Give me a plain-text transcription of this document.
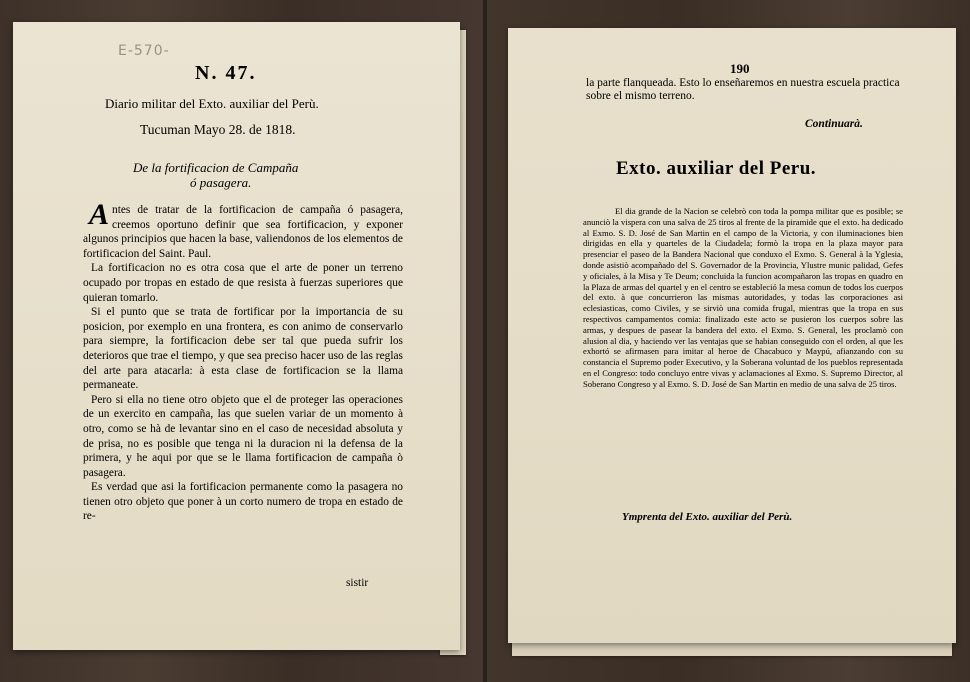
E-570-
N. 47.
Diario militar del Exto. auxiliar del Perù.
Tucuman Mayo 28. de 1818.
De la fortificacion de Campaña
ó pasagera.

Antes de tratar de la fortificacion de campaña ó pasagera, creemos oportuno definir que sea fortificacion, y exponer algunos principios que hacen la base, valiendonos de los elementos de fortificacion del Saint. Paul.

La fortificacion no es otra cosa que el arte de poner un terreno ocupado por tropas en estado de que resista à fuerzas superiores que quieran tomarlo.

Si el punto que se trata de fortificar por la importancia de su posicion, por exemplo en una frontera, es con animo de conservarlo para siempre, la fortificacion debe ser tal que pueda sufrir los deterioros que trae el tiempo, y que sea preciso hacer uso de las reglas del arte para atacarla: à esta clase de fortificacion se la llama permaneate.

Pero si ella no tiene otro objeto que el de proteger las operaciones de un exercito en campaña, las que suelen variar de un momento à otro, como se hà de levantar sino en el caso de necesidad absoluta y de prisa, no es posible que tenga ni la duracion ni la defensa de la primera, y he aqui por que se le llama fortificacion de campaña ò pasagera.

Es verdad que asi la fortificacion permanente como la pasagera no tienen otro objeto que poner à un corto numero de tropa en estado de re-

sistir
190
la parte flanqueada. Esto lo enseñaremos en nuestra escuela practica sobre el mismo terreno.
Continuarà.
Exto. auxiliar del Peru.

El dia grande de la Nacion se celebrò con toda la pompa militar que es posible; se anunciò la vispera con una salva de 25 tiros al frente de la piramide que el exto. ha dedicado al Exmo. S. D. José de San Martin en el campo de la Victoria, y con iluminaciones bien dirigidas en ella y quarteles de la Ciudadela; formò la tropa en la plaza mayor para presenciar el paseo de la Bandera Nacional que conduxo el Exmo. S. General à la Yglesia, donde asistiò acompañado del S. Governador de la Provincia, Ylustre munic palidad, Gefes y oficiales, à la Misa y Te Deum; concluida la funcion acompañaron las tropas en quadro en la Plaza de armas del quartel y en el centro se estableció la mesa comun de todos los cuerpos del exto. à que concurrieron las mismas autoridades, y todas las corporaciones asi eclesiasticas, como Civiles, y se sirviò una comida frugal, mientras que la tropa en sus respectivos campamentos comia: finalizado este acto se pusieron los cuerpos sobre las armas, y despues de pasear la bandera del exto. el Exmo. S. General, les proclamò con alusion al dia, y haciendo ver las ventajas que se habian conseguido con el orden, al que les exhortó se afirmasen para imitar al heroe de Chacabuco y Maypú, afianzando con su constancia el Supremo poder Executivo, y la Soberana voluntad de los pueblos representada en el Congreso: todo concluyo entre vivas y aclamaciones al Exmo. S. Supremo Director, al Soberano Congreso y al Exmo. S. D. José de San Martin en medio de una salva de 25 tiros.

Ymprenta del Exto. auxiliar del Perù.
